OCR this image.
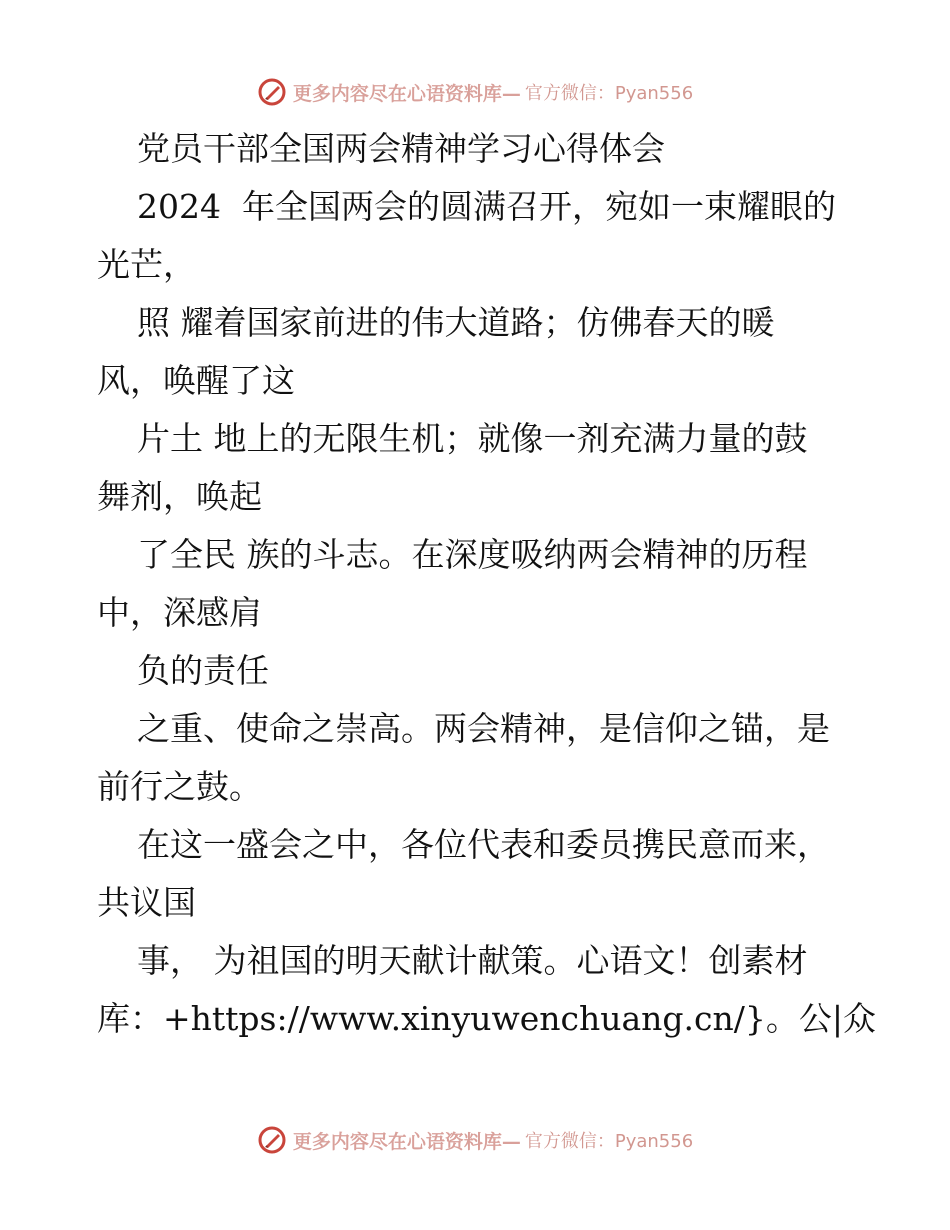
更多内容尽在心语资料库— 官方微信：Pyan556
党员干部全国两会精神学习心得体会
2024  年全国两会的圆满召开，宛如一束耀眼的
光芒，
照 耀着国家前进的伟大道路；仿佛春天的暖
风，唤醒了这
片土 地上的无限生机；就像一剂充满力量的鼓
舞剂，唤起
了全民 族的斗志。在深度吸纳两会精神的历程
中，深感肩
负的责任
之重、使命之崇高。两会精神，是信仰之锚，是
前行之鼓。
在这一盛会之中，各位代表和委员携民意而来，
共议国
事， 为祖国的明天献计献策。心语文！创素材
库：+https://www.xinyuwenchuang.cn/}。公|众
更多内容尽在心语资料库— 官方微信：Pyan556
